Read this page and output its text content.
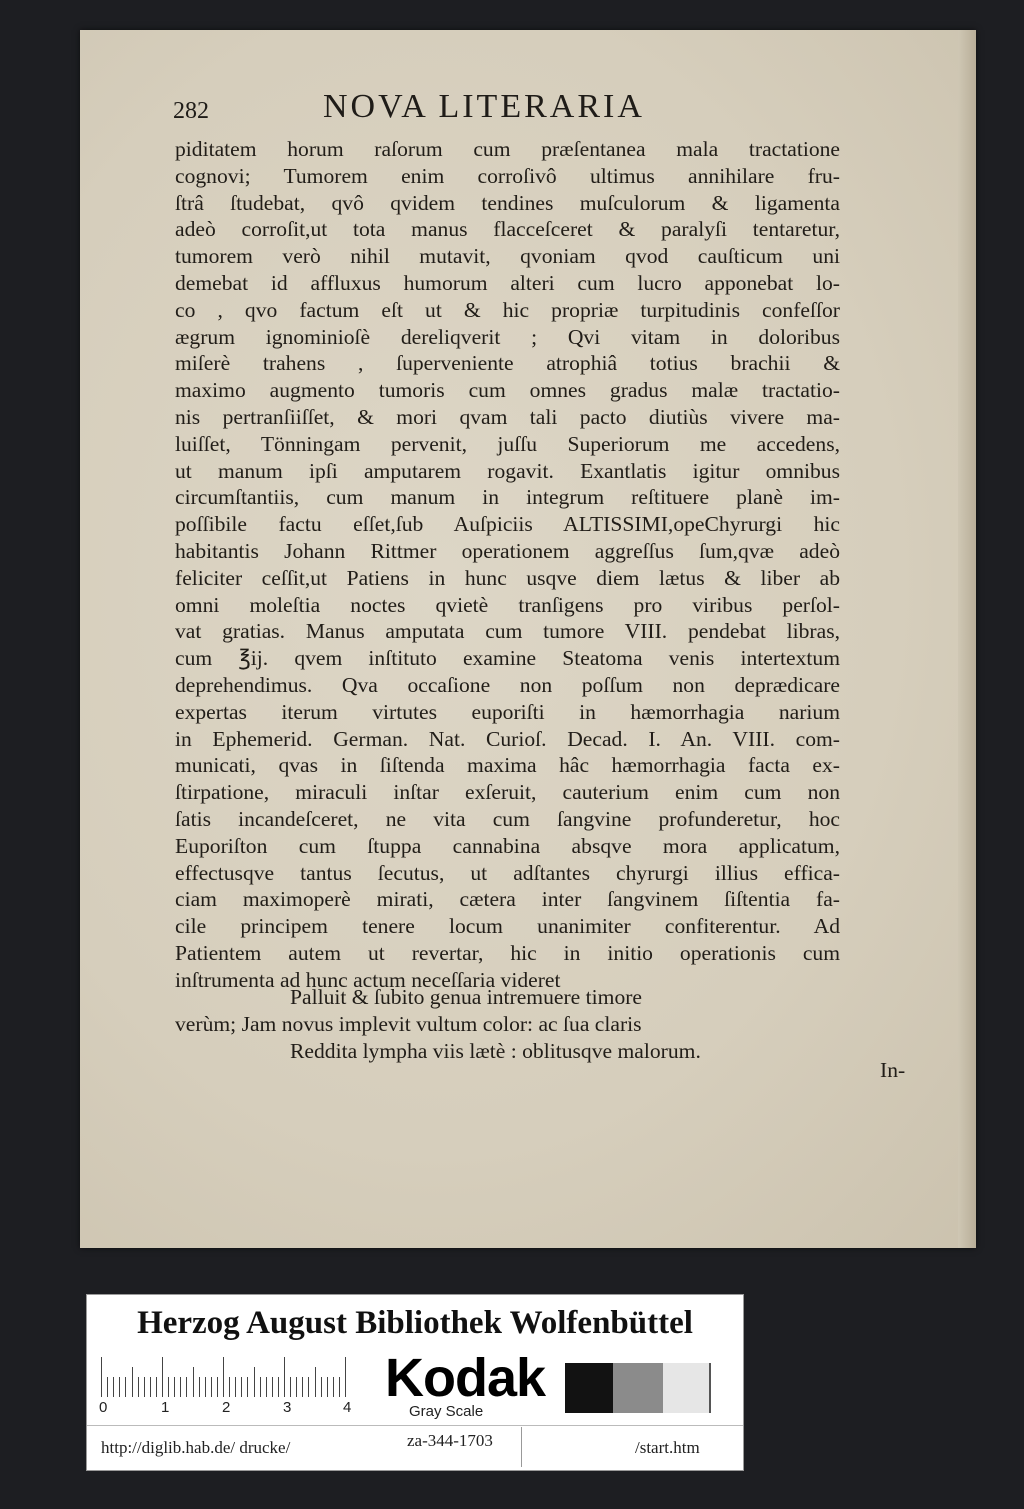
282	NOVA LITERARIA
piditatem horum raſorum cum præſentanea mala tractatione
cognovi; Tumorem enim corroſivô ultimus annihilare fru-
ſtrâ ſtudebat, qvô qvidem tendines muſculorum & ligamenta
adeò corroſit,ut tota manus flacceſceret & paralyſi tentaretur,
tumorem verò nihil mutavit, qvoniam qvod cauſticum uni
demebat id affluxus humorum alteri cum lucro apponebat lo-
co , qvo factum eſt ut & hic propriæ turpitudinis confeſſor
ægrum ignominioſè dereliqverit ; Qvi vitam in doloribus
miſerè trahens , ſuperveniente atrophiâ totius brachii &
maximo augmento tumoris cum omnes gradus malæ tractatio-
nis pertranſiiſſet, & mori qvam tali pacto diutiùs vivere ma-
luiſſet, Tönningam pervenit, juſſu Superiorum me accedens,
ut manum ipſi amputarem rogavit. Exantlatis igitur omnibus
circumſtantiis, cum manum in integrum reſtituere planè im-
poſſibile factu eſſet,ſub Auſpiciis ALTISSIMI,opeChyrurgi hic
habitantis Johann Rittmer operationem aggreſſus ſum,qvæ adeò
feliciter ceſſit,ut Patiens in hunc usqve diem lætus & liber ab
omni moleſtia noctes qvietè tranſigens pro viribus perſol-
vat gratias. Manus amputata cum tumore VIII. pendebat libras,
cum ℥ij. qvem inſtituto examine Steatoma venis intertextum
deprehendimus. Qva occaſione non poſſum non deprædicare
expertas iterum virtutes euporiſti in hæmorrhagia narium
in Ephemerid. German. Nat. Curioſ. Decad. I. An. VIII. com-
municati, qvas in ſiſtenda maxima hâc hæmorrhagia facta ex-
ſtirpatione, miraculi inſtar exſeruit, cauterium enim cum non
ſatis incandeſceret, ne vita cum ſangvine profunderetur, hoc
Euporiſton cum ſtuppa cannabina absqve mora applicatum,
effectusqve tantus ſecutus, ut adſtantes chyrurgi illius effica-
ciam maximoperè mirati, cætera inter ſangvinem ſiſtentia fa-
cile principem tenere locum unanimiter confiterentur. Ad
Patientem autem ut revertar, hic in initio operationis cum
inſtrumenta ad hunc actum neceſſaria videret
Palluit & ſubito genua intremuere timore
verùm; Jam novus implevit vultum color: ac ſua claris
Reddita lympha viis lætè : oblitusqve malorum.
In-
Herzog August Bibliothek Wolfenbüttel
0	1	2	3	4 Kodak
Gray Scale
http://diglib.hab.de/ drucke/	za-344-1703	/start.htm
